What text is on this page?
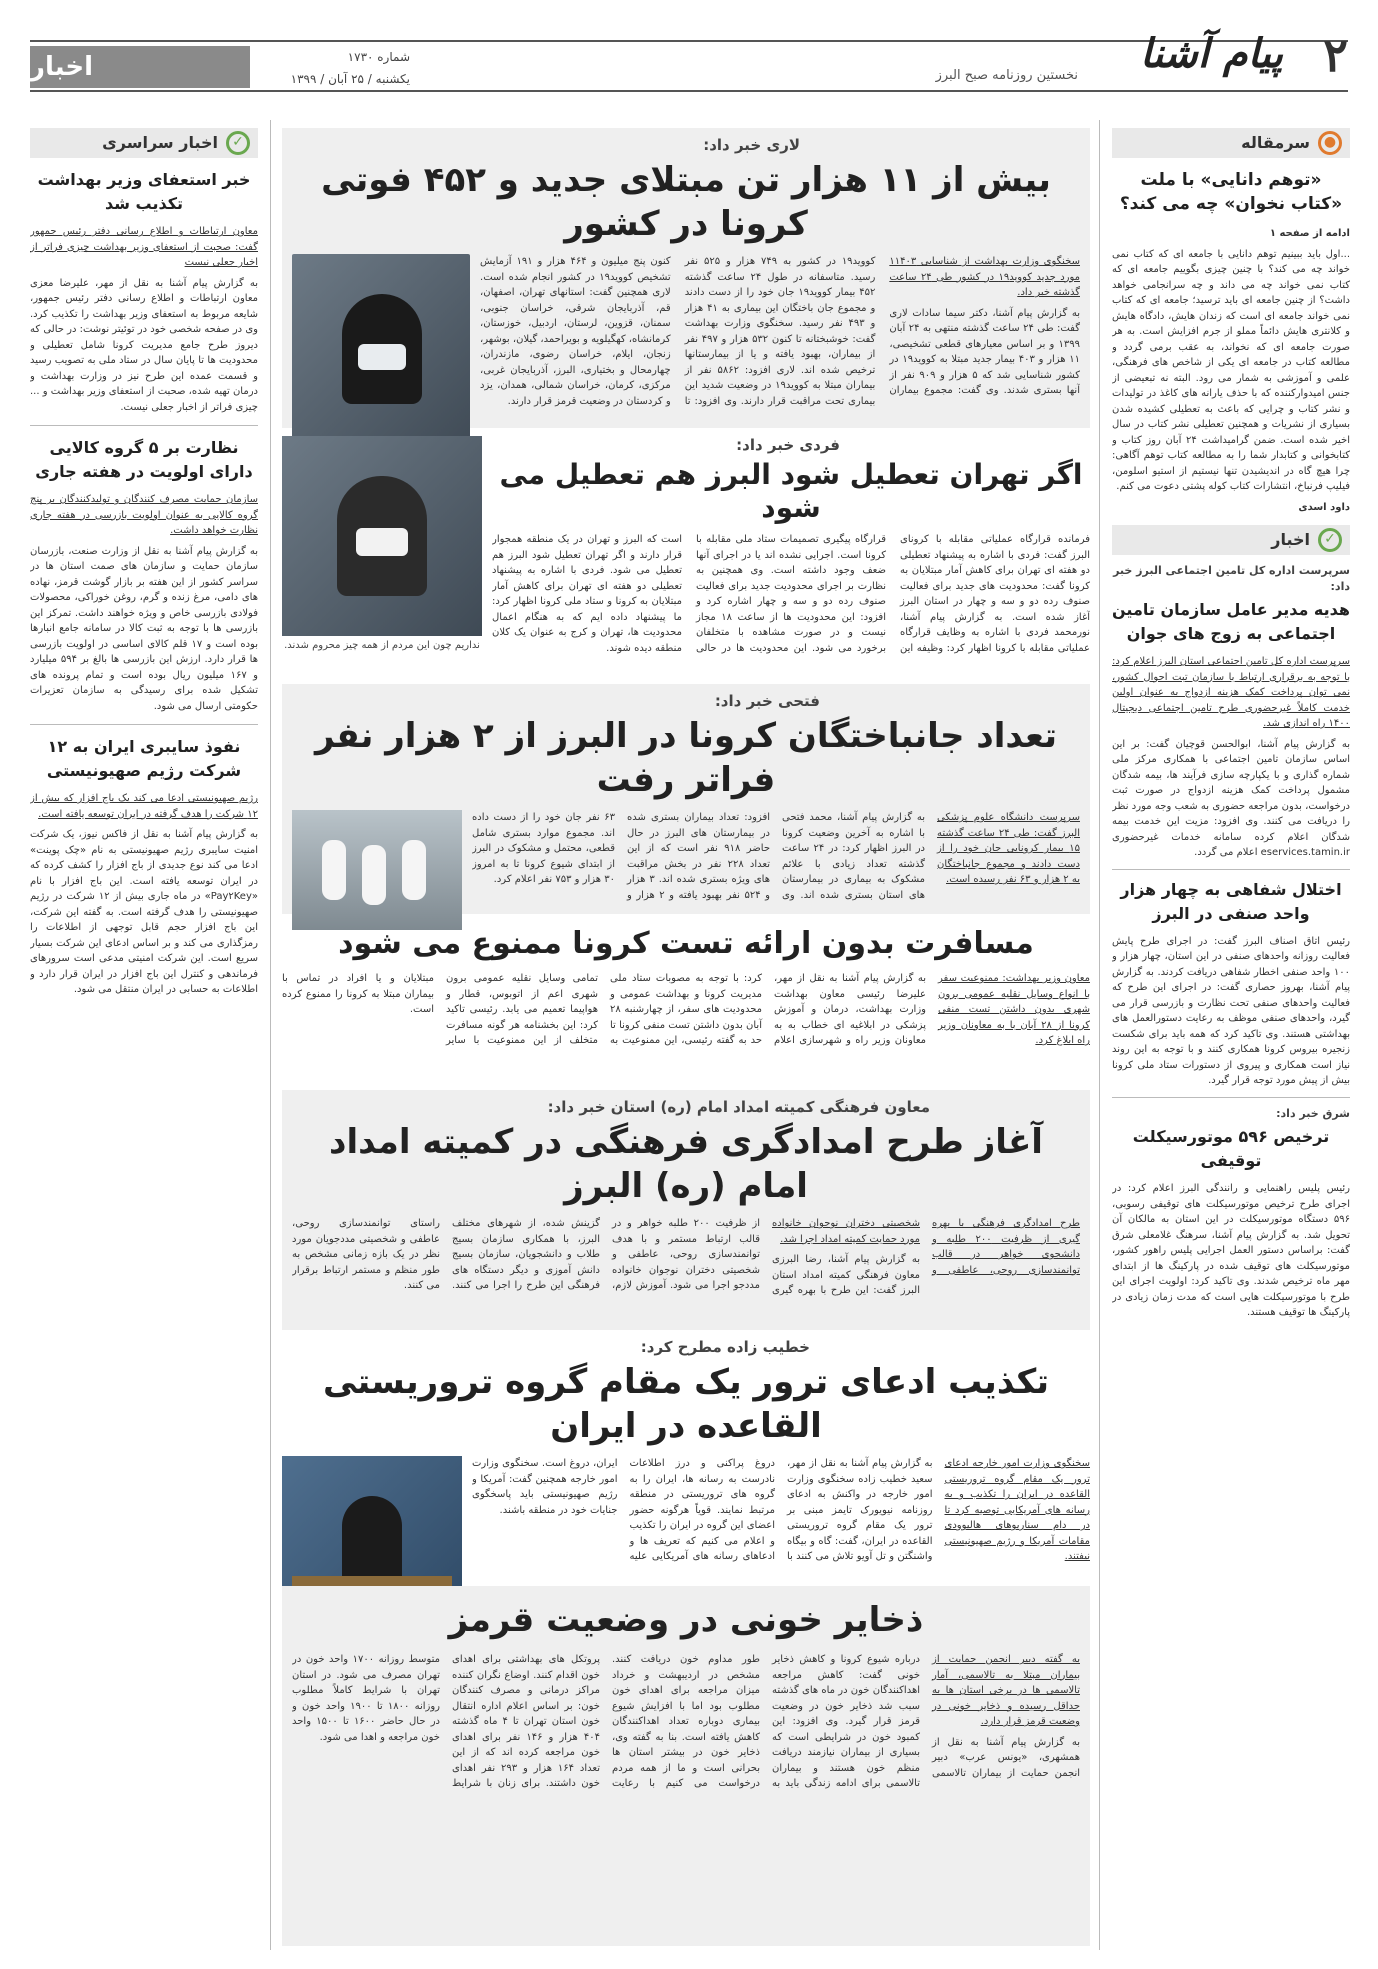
۲
پیام آشنا
نخستین روزنامه صبح البرز
شماره ۱۷۳۰
یکشنبه / ۲۵ آبان / ۱۳۹۹
اخبار
●
سرمقاله
«توهم دانایی» با ملت «کتاب نخوان» چه می کند؟

ادامه از صفحه ۱

...اول باید ببینیم توهم دانایی با جامعه ای که کتاب نمی خواند چه می کند؟ با چنین چیزی بگوییم جامعه ای که کتاب نمی خواند چه می داند و چه سرانجامی خواهد داشت؟ از چنین جامعه ای باید ترسید؛ جامعه ای که کتاب نمی خواند جامعه ای است که زندان هایش، دادگاه هایش و کلانتری هایش دائماً مملو از جرم افزایش است. به هر صورت جامعه ای که نخواند، به عقب برمی گردد و مطالعه کتاب در جامعه ای یکی از شاخص های فرهنگی، علمی و آموزشی به شمار می رود. البته نه تبعیضی از جنس امیدوارکننده که با حذف یارانه های کاغذ در تولیدات و نشر کتاب و چرایی که باعث به تعطیلی کشیده شدن بسیاری از نشریات و همچنین تعطیلی نشر کتاب در سال اخیر شده است. ضمن گرامیداشت ۲۴ آبان روز کتاب و کتابخوانی و کتابدار شما را به مطالعه کتاب توهم آگاهی: چرا هیچ گاه در اندیشیدن تنها نیستیم از استیو اسلومن، فیلیپ فرنباخ، انتشارات کتاب کوله پشتی دعوت می کنم.

داود اسدی

✓
اخبار
سرپرست اداره کل تامین اجتماعی البرز خبر داد:
هدیه مدیر عامل سازمان تامین اجتماعی به زوج های جوان

سرپرست اداره کل تامین اجتماعی استان البرز اعلام کرد: با توجه به برقراری ارتباط با سازمان تبت احوال کشور، نمی توان پرداخت کمک هزینه ازدواج به عنوان اولین خدمت کاملاً غیرحضوری طرح تامین اجتماعی دیجیتال ۱۴۰۰ راه اندازی شد.

به گزارش پیام آشنا، ابوالحسن قوچیان گفت: بر این اساس سازمان تامین اجتماعی با همکاری مرکز ملی شماره گذاری و با یکپارچه سازی فرآیند ها، بیمه شدگان مشمول پرداخت کمک هزینه ازدواج در صورت ثبت درخواست، بدون مراجعه حضوری به شعب وجه مورد نظر را دریافت می کنند. وی افزود: مزیت این خدمت بیمه شدگان اعلام کرده سامانه خدمات غیرحضوری eservices.tamin.ir اعلام می گردد.

اختلال شفاهی به چهار هزار واحد صنفی در البرز

رئیس اتاق اصناف البرز گفت: در اجرای طرح پایش فعالیت روزانه واحدهای صنفی در این استان، چهار هزار و ۱۰۰ واحد صنفی اخطار شفاهی دریافت کردند. به گزارش پیام آشنا، بهروز حصاری گفت: در اجرای این طرح که فعالیت واحدهای صنفی تحت نظارت و بازرسی قرار می گیرد، واحدهای صنفی موظف به رعایت دستورالعمل های بهداشتی هستند. وی تاکید کرد که همه باید برای شکست زنجیره بیروس کرونا همکاری کنند و با توجه به این روند نیاز است همکاری و پیروی از دستورات ستاد ملی کرونا بیش از پیش مورد توجه قرار گیرد.

شرق خبر داد:
ترخیص ۵۹۶ موتورسیکلت توقیفی

رئیس پلیس راهنمایی و رانندگی البرز اعلام کرد: در اجرای طرح ترخیص موتورسیکلت های توقیفی رسوبی، ۵۹۶ دستگاه موتورسیکلت در این استان به مالکان آن تحویل شد. به گزارش پیام آشنا، سرهنگ غلامعلی شرق گفت: براساس دستور العمل اجرایی پلیس راهور کشور، موتورسیکلت های توقیف شده در پارکینگ ها از ابتدای مهر ماه ترخیص شدند. وی تاکید کرد: اولویت اجرای این طرح با موتورسیکلت هایی است که مدت زمان زیادی در پارکینگ ها توقیف هستند.

✓
اخبار سراسری
خبر استعفای وزیر بهداشت تکذیب شد

معاون ارتباطات و اطلاع رسانی دفتر رئیس جمهور گفت: صحبت از استعفای وزیر بهداشت چیزی فراتر از اخبار جعلی نیست

به گزارش پیام آشنا به نقل از مهر، علیرضا معزی معاون ارتباطات و اطلاع رسانی دفتر رئیس جمهور، شایعه مربوط به استعفای وزیر بهداشت را تکذیب کرد. وی در صفحه شخصی خود در توئیتر نوشت: در حالی که دیروز طرح جامع مدیریت کرونا شامل تعطیلی و محدودیت ها تا پایان سال در ستاد ملی به تصویب رسید و قسمت عمده این طرح نیز در وزارت بهداشت و درمان تهیه شده، صحبت از استعفای وزیر بهداشت و ... چیزی فراتر از اخبار جعلی نیست.

نظارت بر ۵ گروه کالایی دارای اولویت در هفته جاری

سازمان حمایت مصرف کنندگان و تولیدکنندگان بر پنج گروه کالایی به عنوان اولویت بازرسی در هفته جاری نظارت خواهد داشت.

به گزارش پیام آشنا به نقل از وزارت صنعت، بازرسان سازمان حمایت و سازمان های صمت استان ها در سراسر کشور از این هفته بر بازار گوشت قرمز، نهاده های دامی، مرغ زنده و گرم، روغن خوراکی، محصولات فولادی بازرسی خاص و ویژه خواهند داشت. تمرکز این بازرسی ها با توجه به ثبت کالا در سامانه جامع انبارها بوده است و ۱۷ قلم کالای اساسی در اولویت بازرسی ها قرار دارد. ارزش این بازرسی ها بالغ بر ۵۹۴ میلیارد و ۱۶۷ میلیون ریال بوده است و تمام پرونده های تشکیل شده برای رسیدگی به سازمان تعزیرات حکومتی ارسال می شود.

نفوذ سایبری ایران به ۱۲ شرکت رژیم صهیونیستی

رژیم صهیونیستی ادعا می کند یک باج افزار که بیش از ۱۲ شرکت را هدف گرفته در ایران توسعه یافته است.

به گزارش پیام آشنا به نقل از فاکس نیوز، یک شرکت امنیت سایبری رژیم صهیونیستی به نام «چک پوینت» ادعا می کند نوع جدیدی از باج افزار را کشف کرده که در ایران توسعه یافته است. این باج افزار با نام «Pay۲Key» در ماه جاری بیش از ۱۲ شرکت در رژیم صهیونیستی را هدف گرفته است. به گفته این شرکت، این باج افزار حجم قابل توجهی از اطلاعات را رمزگذاری می کند و بر اساس ادعای این شرکت بسیار سریع است. این شرکت امنیتی مدعی است سرورهای فرماندهی و کنترل این باج افزار در ایران قرار دارد و اطلاعات به حسابی در ایران منتقل می شود.

لاری خبر داد:
بیش از ۱۱ هزار تن مبتلای جدید و ۴۵۲ فوتی کرونا در کشور

سخنگوی وزارت بهداشت از شناسایی ۱۱۴۰۳ مورد جدید کووید۱۹ در کشور طی ۲۴ ساعت گذشته خبر داد.

به گزارش پیام آشنا، دکتر سیما سادات لاری گفت: طی ۲۴ ساعت گذشته منتهی به ۲۴ آبان ۱۳۹۹ و بر اساس معیارهای قطعی تشخیصی، ۱۱ هزار و ۴۰۳ بیمار جدید مبتلا به کووید۱۹ در کشور شناسایی شد که ۵ هزار و ۹۰۹ نفر از آنها بستری شدند. وی گفت: مجموع بیماران کووید۱۹ در کشور به ۷۴۹ هزار و ۵۲۵ نفر رسید. متاسفانه در طول ۲۴ ساعت گذشته ۴۵۲ بیمار کووید۱۹ جان خود را از دست دادند و مجموع جان باختگان این بیماری به ۴۱ هزار و ۴۹۳ نفر رسید. سخنگوی وزارت بهداشت گفت: خوشبختانه تا کنون ۵۳۲ هزار و ۴۹۷ نفر از بیماران، بهبود یافته و یا از بیمارستانها ترخیص شده اند. لاری افزود: ۵۸۶۲ نفر از بیماران مبتلا به کووید۱۹ در وضعیت شدید این بیماری تحت مراقبت قرار دارند. وی افزود: تا کنون پنج میلیون و ۴۶۴ هزار و ۱۹۱ آزمایش تشخیص کووید۱۹ در کشور انجام شده است. لاری همچنین گفت: استانهای تهران، اصفهان، قم، آذربایجان شرقی، خراسان جنوبی، سمنان، قزوین، لرستان، اردبیل، خوزستان، کرمانشاه، کهگیلویه و بویراحمد، گیلان، بوشهر، زنجان، ایلام، خراسان رضوی، مازندران، چهارمحال و بختیاری، البرز، آذربایجان غربی، مرکزی، کرمان، خراسان شمالی، همدان، یزد و کردستان در وضعیت قرمز قرار دارند.

فردی خبر داد:
اگر تهران تعطیل شود البرز هم تعطیل می شود

فرمانده قرارگاه عملیاتی مقابله با کرونای البرز گفت: فردی با اشاره به پیشنهاد تعطیلی دو هفته ای تهران برای کاهش آمار مبتلایان به کرونا گفت: محدودیت های جدید برای فعالیت صنوف رده دو و سه و چهار در استان البرز آغاز شده است. به گزارش پیام آشنا، نورمحمد فردی با اشاره به وظایف قرارگاه عملیاتی مقابله با کرونا اظهار کرد: وظیفه این قرارگاه پیگیری تصمیمات ستاد ملی مقابله با کرونا است. اجرایی نشده اند یا در اجرای آنها ضعف وجود داشته است. وی همچنین به نظارت بر اجرای محدودیت جدید برای فعالیت صنوف رده دو و سه و چهار اشاره کرد و افزود: این محدودیت ها از ساعت ۱۸ مجاز نیست و در صورت مشاهده با متخلفان برخورد می شود. این محدودیت ها در حالی است که البرز و تهران در یک منطقه همجوار قرار دارند و اگر تهران تعطیل شود البرز هم تعطیل می شود. فردی با اشاره به پیشنهاد تعطیلی دو هفته ای تهران برای کاهش آمار مبتلایان به کرونا و ستاد ملی کرونا اظهار کرد: ما پیشنهاد داده ایم که به هنگام اعمال محدودیت ها، تهران و کرج به عنوان یک کلان منطقه دیده شوند.

نداریم چون این مردم از همه چیز محروم شدند.
فتحی خبر داد:
تعداد جانباختگان کرونا در البرز از ۲ هزار نفر فراتر رفت

سرپرست دانشگاه علوم پزشکی البرز گفت: طی ۲۴ ساعت گذشته ۱۵ بیمار کرونایی جان خود را از دست دادند و مجموع جانباختگان به ۲ هزار و ۶۳ نفر رسیده است.

به گزارش پیام آشنا، محمد فتحی با اشاره به آخرین وضعیت کرونا در البرز اظهار کرد: در ۲۴ ساعت گذشته تعداد زیادی با علائم مشکوک به بیماری در بیمارستان های استان بستری شده اند. وی افزود: تعداد بیماران بستری شده در بیمارستان های البرز در حال حاضر ۹۱۸ نفر است که از این تعداد ۲۲۸ نفر در بخش مراقبت های ویژه بستری شده اند. ۳ هزار و ۵۲۴ نفر بهبود یافته و ۲ هزار و ۶۳ نفر جان خود را از دست داده اند. مجموع موارد بستری شامل قطعی، محتمل و مشکوک در البرز از ابتدای شیوع کرونا تا به امروز ۳۰ هزار و ۷۵۳ نفر اعلام کرد.

مسافرت بدون ارائه تست کرونا ممنوع می شود

معاون وزیر بهداشت: ممنوعیت سفر با انواع وسایل نقلیه عمومی برون شهری بدون داشتن تست منفی کرونا از ۲۸ آبان با به معاونان وزیر راه ابلاغ کرد.

به گزارش پیام آشنا به نقل از مهر، علیرضا رئیسی معاون بهداشت وزارت بهداشت، درمان و آموزش پزشکی در ابلاغیه ای خطاب به به معاونان وزیر راه و شهرسازی اعلام کرد: با توجه به مصوبات ستاد ملی مدیریت کرونا و بهداشت عمومی و محدودیت های سفر، از چهارشنبه ۲۸ آبان بدون داشتن تست منفی کرونا تا حد به گفته رئیسی، این ممنوعیت به تمامی وسایل نقلیه عمومی برون شهری اعم از اتوبوس، قطار و هواپیما تعمیم می یابد. رئیسی تاکید کرد: این بخشنامه هر گونه مسافرت متخلف از این ممنوعیت با سایر مبتلایان و یا افراد در تماس با بیماران مبتلا به کرونا را ممنوع کرده است.

معاون فرهنگی کمیته امداد امام (ره) استان خبر داد:
آغاز طرح امدادگری فرهنگی در کمیته امداد امام (ره) البرز

طرح امدادگری فرهنگی با بهره گیری از ظرفیت ۲۰۰ طلبه و دانشجوی خواهر در قالب توانمندسازی روحی، عاطفی و شخصیتی دختران نوجوان خانواده مورد حمایت کمیته امداد اجرا شد.

به گزارش پیام آشنا، رضا البرزی معاون فرهنگی کمیته امداد استان البرز گفت: این طرح با بهره گیری از ظرفیت ۲۰۰ طلبه خواهر و در قالب ارتباط مستمر و با هدف توانمندسازی روحی، عاطفی و شخصیتی دختران نوجوان خانواده مددجو اجرا می شود. آموزش لازم، گزینش شده، از شهرهای مختلف البرز، با همکاری سازمان بسیج طلاب و دانشجویان، سازمان بسیج دانش آموزی و دیگر دستگاه های فرهنگی این طرح را اجرا می کنند. راستای توانمندسازی روحی، عاطفی و شخصیتی مددجویان مورد نظر در یک بازه زمانی مشخص به طور منظم و مستمر ارتباط برقرار می کنند.

خطیب زاده مطرح کرد:
تکذیب ادعای ترور یک مقام گروه تروریستی القاعده در ایران

سخنگوی وزارت امور خارجه ادعای ترور یک مقام گروه تروریستی القاعده در ایران را تکذیب و به رسانه های آمریکایی توصیه کرد تا در دام سناریوهای هالیوودی مقامات آمریکا و رژیم صهیونیستی نیفتند.

به گزارش پیام آشنا به نقل از مهر، سعید خطیب زاده سخنگوی وزارت امور خارجه در واکنش به ادعای روزنامه نیویورک تایمز مبنی بر ترور یک مقام گروه تروریستی القاعده در ایران، گفت: گاه و بیگاه واشنگتن و تل آویو تلاش می کنند با دروغ پراکنی و درز اطلاعات نادرست به رسانه ها، ایران را به گروه های تروریستی در منطقه مرتبط نمایند. قویاً هرگونه حضور اعضای این گروه در ایران را تکذیب و اعلام می کنیم که تعریف ها و ادعاهای رسانه های آمریکایی علیه ایران، دروغ است. سخنگوی وزارت امور خارجه همچنین گفت: آمریکا و رژیم صهیونیستی باید پاسخگوی جنایات خود در منطقه باشند.

ذخایر خونی در وضعیت قرمز

به گفته دبیر انجمن حمایت از بیماران مبتلا به تالاسمی، آمار تالاسمی ها در برخی استان ها به حداقل رسیده و ذخایر خونی در وضعیت قرمز قرار دارد.

به گزارش پیام آشنا به نقل از همشهری، «یونس عرب» دبیر انجمن حمایت از بیماران تالاسمی درباره شیوع کرونا و کاهش ذخایر خونی گفت: کاهش مراجعه اهداکنندگان خون در ماه های گذشته سبب شد ذخایر خون در وضعیت قرمز قرار گیرد. وی افزود: این کمبود خون در شرایطی است که بسیاری از بیماران نیازمند دریافت منظم خون هستند و بیماران تالاسمی برای ادامه زندگی باید به طور مداوم خون دریافت کنند. مشخص در اردیبهشت و خرداد میزان مراجعه برای اهدای خون مطلوب بود اما با افزایش شیوع بیماری دوباره تعداد اهداکنندگان کاهش یافته است. بنا به گفته وی، ذخایر خون در بیشتر استان ها بحرانی است و ما از همه مردم درخواست می کنیم با رعایت پروتکل های بهداشتی برای اهدای خون اقدام کنند. اوضاع نگران کننده مراکز درمانی و مصرف کنندگان خون: بر اساس اعلام اداره انتقال خون استان تهران تا ۴ ماه گذشته ۴۰۴ هزار و ۱۴۶ نفر برای اهدای خون مراجعه کرده اند که از این تعداد ۱۶۴ هزار و ۲۹۳ نفر اهدای خون داشتند. برای زنان با شرایط متوسط روزانه ۱۷۰۰ واحد خون در تهران مصرف می شود. در استان تهران با شرایط کاملاً مطلوب روزانه ۱۸۰۰ تا ۱۹۰۰ واحد خون و در حال حاضر ۱۶۰۰ تا ۱۵۰۰ واحد خون مراجعه و اهدا می شود.
